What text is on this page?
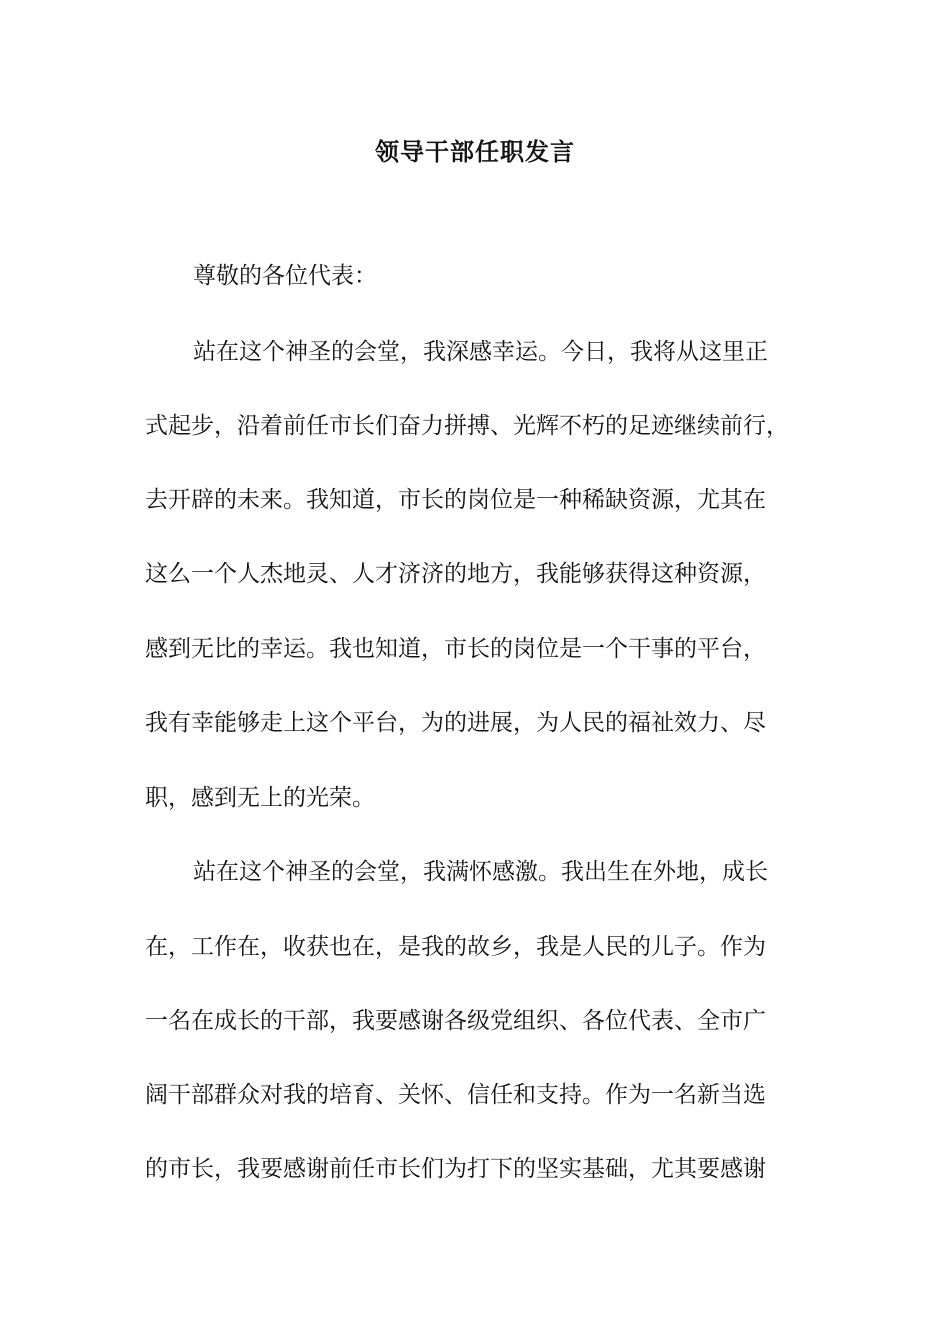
领导干部任职发言
尊敬的各位代表：
站在这个神圣的会堂，我深感幸运。今日，我将从这里正
式起步，沿着前任市长们奋力拼搏、光辉不朽的足迹继续前行，
去开辟的未来。我知道，市长的岗位是一种稀缺资源，尤其在
这么一个人杰地灵、人才济济的地方，我能够获得这种资源，
感到无比的幸运。我也知道，市长的岗位是一个干事的平台，
我有幸能够走上这个平台，为的进展，为人民的福祉效力、尽
职，感到无上的光荣。
站在这个神圣的会堂，我满怀感激。我出生在外地，成长
在，工作在，收获也在，是我的故乡，我是人民的儿子。作为
一名在成长的干部，我要感谢各级党组织、各位代表、全市广
阔干部群众对我的培育、关怀、信任和支持。作为一名新当选
的市长，我要感谢前任市长们为打下的坚实基础，尤其要感谢
